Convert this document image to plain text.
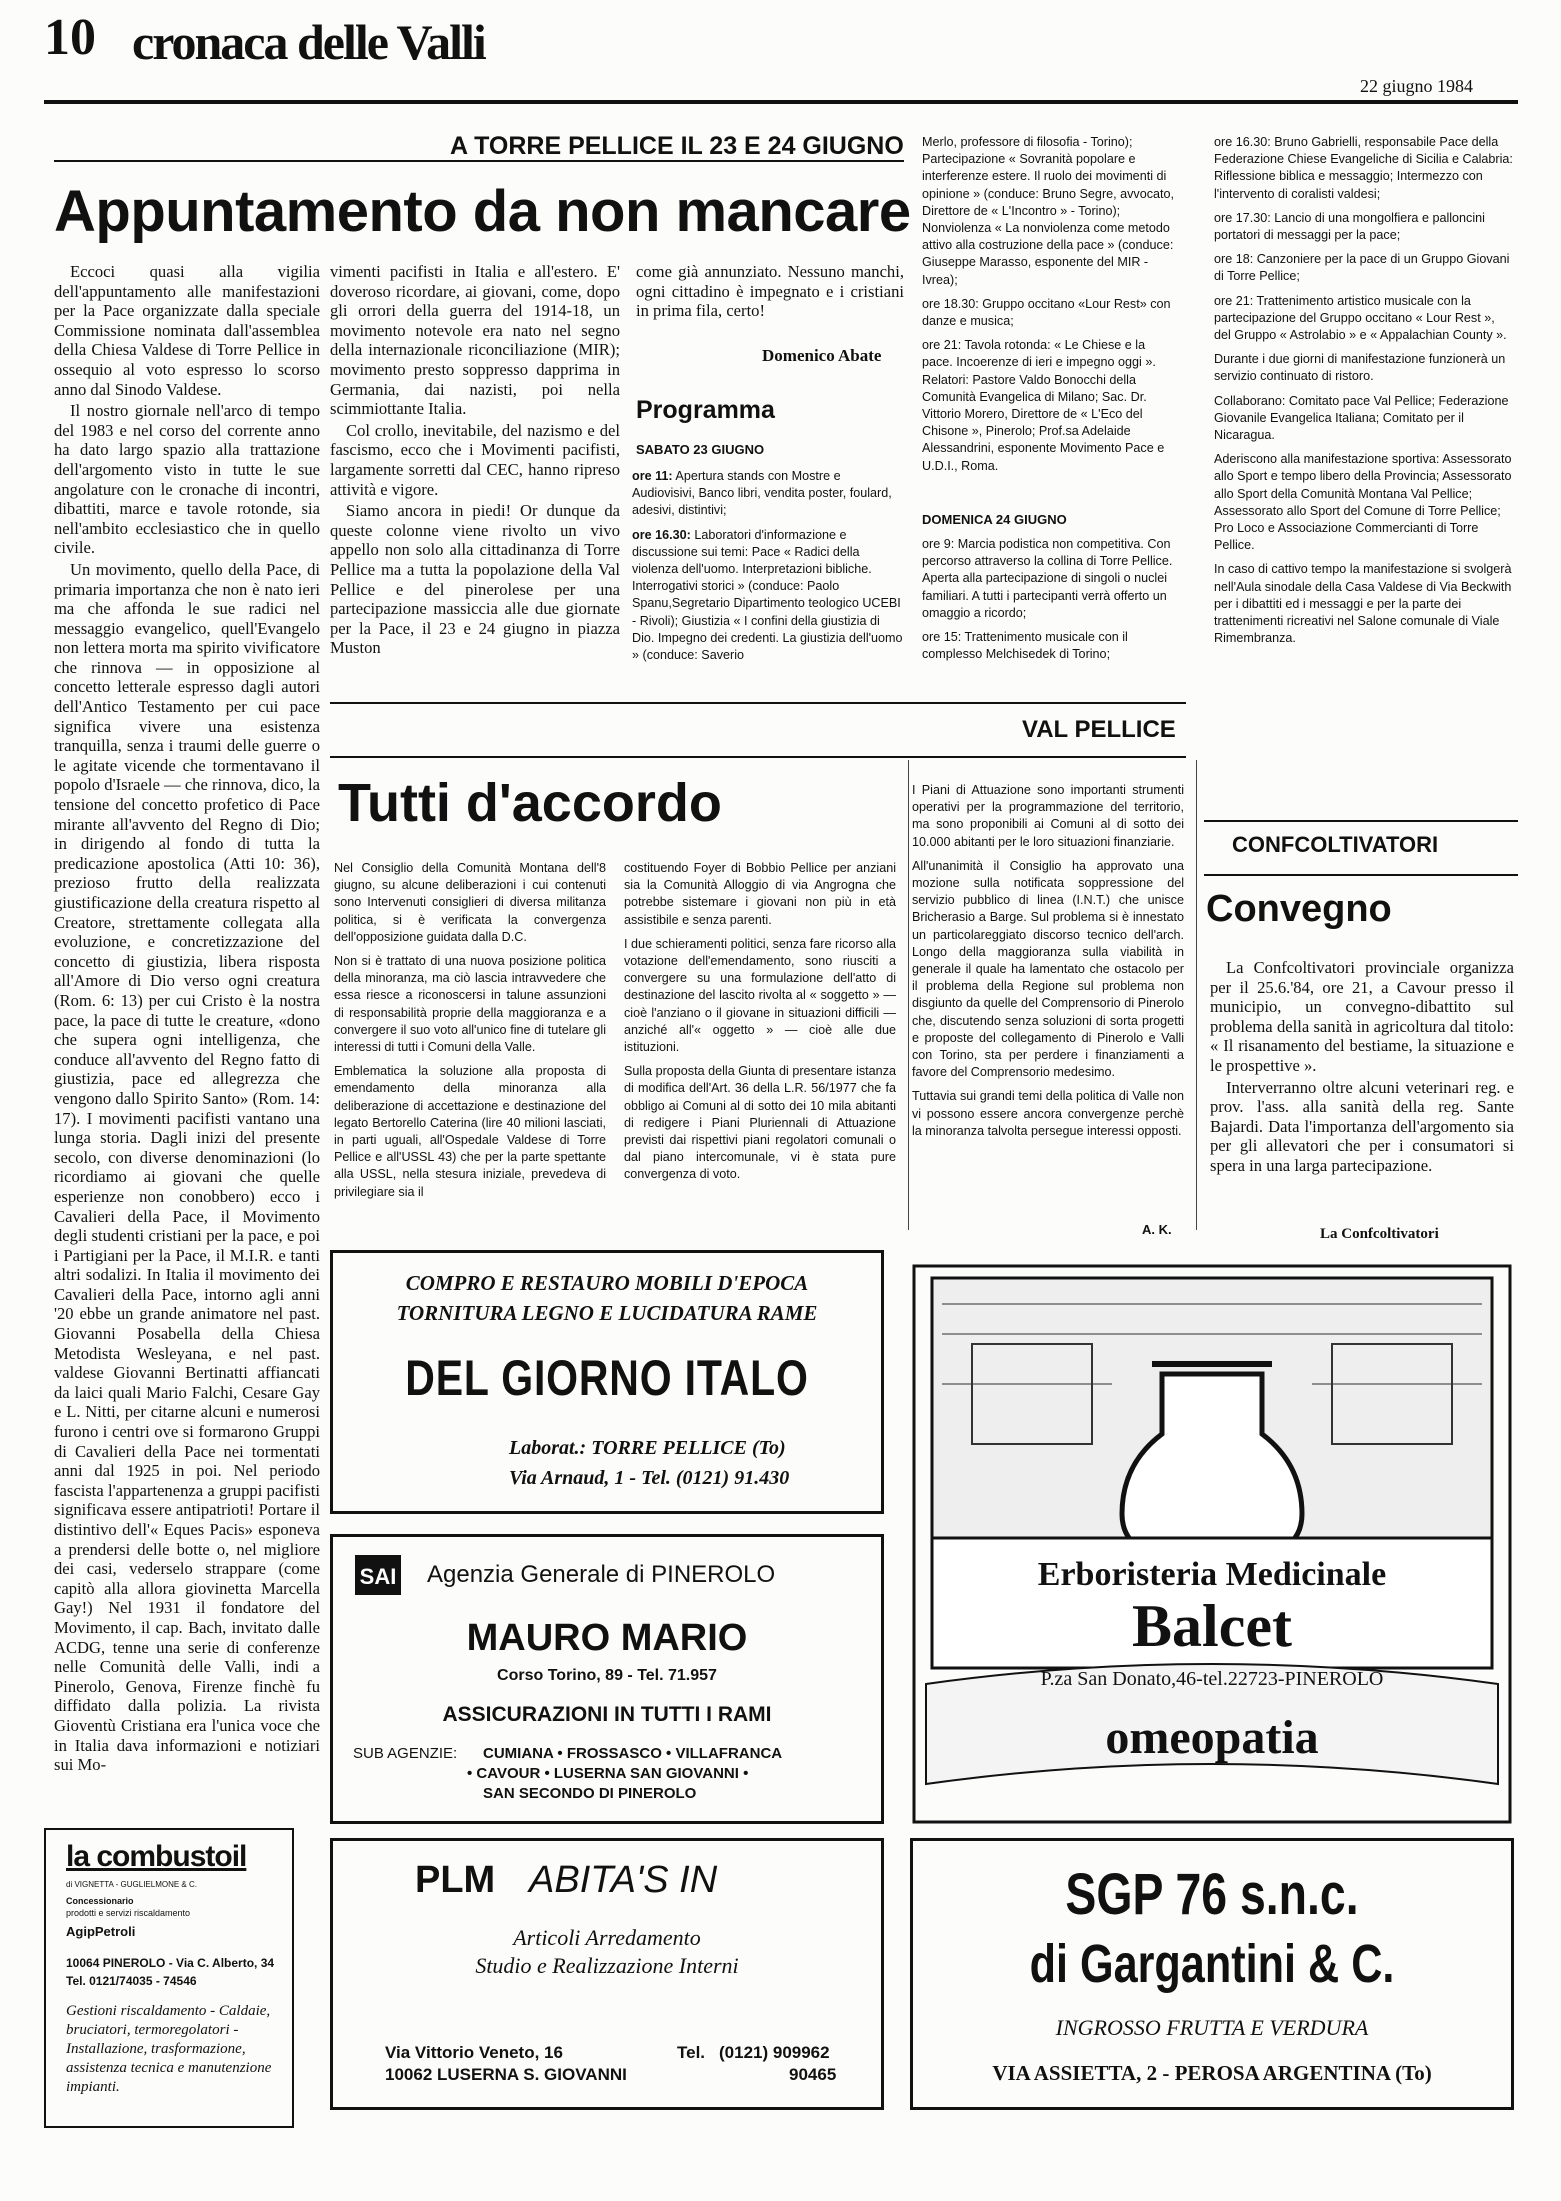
10 cronaca delle Valli
22 giugno 1984
A TORRE PELLICE IL 23 E 24 GIUGNO
Appuntamento da non mancare

Eccoci quasi alla vigilia dell'appuntamento alle manifestazioni per la Pace organizzate dalla speciale Commissione nominata dall'assemblea della Chiesa Valdese di Torre Pellice in ossequio al voto espresso lo scorso anno dal Sinodo Valdese.

Il nostro giornale nell'arco di tempo del 1983 e nel corso del corrente anno ha dato largo spazio alla trattazione dell'argomento visto in tutte le sue angolature con le cronache di incontri, dibattiti, marce e tavole rotonde, sia nell'ambito ecclesiastico che in quello civile.

Un movimento, quello della Pace, di primaria importanza che non è nato ieri ma che affonda le sue radici nel messaggio evangelico, quell'Evangelo non lettera morta ma spirito vivificatore che rinnova — in opposizione al concetto letterale espresso dagli autori dell'Antico Testamento per cui pace significa vivere una esistenza tranquilla, senza i traumi delle guerre o le agitate vicende che tormentavano il popolo d'Israele — che rinnova, dico, la tensione del concetto profetico di Pace mirante all'avvento del Regno di Dio; in dirigendo al fondo di tutta la predicazione apostolica (Atti 10: 36), prezioso frutto della realizzata giustificazione della creatura rispetto al Creatore, strettamente collegata alla evoluzione, e concretizzazione del concetto di giustizia, libera risposta all'Amore di Dio verso ogni creatura (Rom. 6: 13) per cui Cristo è la nostra pace, la pace di tutte le creature, «dono che supera ogni intelligenza, che conduce all'avvento del Regno fatto di giustizia, pace ed allegrezza che vengono dallo Spirito Santo» (Rom. 14: 17). I movimenti pacifisti vantano una lunga storia. Dagli inizi del presente secolo, con diverse denominazioni (lo ricordiamo ai giovani che quelle esperienze non conobbero) ecco i Cavalieri della Pace, il Movimento degli studenti cristiani per la pace, e poi i Partigiani per la Pace, il M.I.R. e tanti altri sodalizi. In Italia il movimento dei Cavalieri della Pace, intorno agli anni '20 ebbe un grande animatore nel past. Giovanni Posabella della Chiesa Metodista Wesleyana, e nel past. valdese Giovanni Bertinatti affiancati da laici quali Mario Falchi, Cesare Gay e L. Nitti, per citarne alcuni e numerosi furono i centri ove si formarono Gruppi di Cavalieri della Pace nei tormentati anni dal 1925 in poi. Nel periodo fascista l'appartenenza a gruppi pacifisti significava essere antipatrioti! Portare il distintivo dell'« Eques Pacis» esponeva a prendersi delle botte o, nel migliore dei casi, vederselo strappare (come capitò alla allora giovinetta Marcella Gay!) Nel 1931 il fondatore del Movimento, il cap. Bach, invitato dalle ACDG, tenne una serie di conferenze nelle Comunità delle Valli, indi a Pinerolo, Genova, Firenze finchè fu diffidato dalla polizia. La rivista Gioventù Cristiana era l'unica voce che in Italia dava informazioni e notiziari sui Mo-

vimenti pacifisti in Italia e all'estero. E' doveroso ricordare, ai giovani, come, dopo gli orrori della guerra del 1914-18, un movimento notevole era nato nel segno della internazionale riconciliazione (MIR); movimento presto soppresso dapprima in Germania, dai nazisti, poi nella scimmiottante Italia.

Col crollo, inevitabile, del nazismo e del fascismo, ecco che i Movimenti pacifisti, largamente sorretti dal CEC, hanno ripreso attività e vigore.

Siamo ancora in piedi! Or dunque da queste colonne viene rivolto un vivo appello non solo alla cittadinanza di Torre Pellice ma a tutta la popolazione della Val Pellice e del pinerolese per una partecipazione massiccia alle due giornate per la Pace, il 23 e 24 giugno in piazza Muston

come già annunziato. Nessuno manchi, ogni cittadino è impegnato e i cristiani in prima fila, certo!

Domenico Abate
Programma
SABATO 23 GIUGNO

ore 11: Apertura stands con Mostre e Audiovisivi, Banco libri, vendita poster, foulard, adesivi, distintivi;

ore 16.30: Laboratori d'informazione e discussione sui temi: Pace « Radici della violenza dell'uomo. Interpretazioni bibliche. Interrogativi storici » (conduce: Paolo Spanu,Segretario Dipartimento teologico UCEBI - Rivoli); Giustizia « I confini della giustizia di Dio. Impegno dei credenti. La giustizia dell'uomo » (conduce: Saverio

Merlo, professore di filosofia - Torino); Partecipazione « Sovranità popolare e interferenze estere. Il ruolo dei movimenti di opinione » (conduce: Bruno Segre, avvocato, Direttore de « L'Incontro » - Torino); Nonviolenza « La nonviolenza come metodo attivo alla costruzione della pace » (conduce: Giuseppe Marasso, esponente del MIR - Ivrea);

ore 18.30: Gruppo occitano «Lour Rest» con danze e musica;

ore 21: Tavola rotonda: « Le Chiese e la pace. Incoerenze di ieri e impegno oggi ». Relatori: Pastore Valdo Bonocchi della Comunità Evangelica di Milano; Sac. Dr. Vittorio Morero, Direttore de « L'Eco del Chisone », Pinerolo; Prof.sa Adelaide Alessandrini, esponente Movimento Pace e U.D.I., Roma.

DOMENICA 24 GIUGNO

ore 9: Marcia podistica non competitiva. Con percorso attraverso la collina di Torre Pellice. Aperta alla partecipazione di singoli o nuclei familiari. A tutti i partecipanti verrà offerto un omaggio a ricordo;

ore 15: Trattenimento musicale con il complesso Melchisedek di Torino;

ore 16.30: Bruno Gabrielli, responsabile Pace della Federazione Chiese Evangeliche di Sicilia e Calabria: Riflessione biblica e messaggio; Intermezzo con l'intervento di coralisti valdesi;

ore 17.30: Lancio di una mongolfiera e palloncini portatori di messaggi per la pace;

ore 18: Canzoniere per la pace di un Gruppo Giovani di Torre Pellice;

ore 21: Trattenimento artistico musicale con la partecipazione del Gruppo occitano « Lour Rest », del Gruppo « Astrolabio » e « Appalachian County ».

Durante i due giorni di manifestazione funzionerà un servizio continuato di ristoro.

Collaborano: Comitato pace Val Pellice; Federazione Giovanile Evangelica Italiana; Comitato per il Nicaragua.

Aderiscono alla manifestazione sportiva: Assessorato allo Sport e tempo libero della Provincia; Assessorato allo Sport della Comunità Montana Val Pellice; Assessorato allo Sport del Comune di Torre Pellice; Pro Loco e Associazione Commercianti di Torre Pellice.

In caso di cattivo tempo la manifestazione si svolgerà nell'Aula sinodale della Casa Valdese di Via Beckwith per i dibattiti ed i messaggi e per la parte dei trattenimenti ricreativi nel Salone comunale di Viale Rimembranza.

VAL PELLICE
Tutti d'accordo

Nel Consiglio della Comunità Montana dell'8 giugno, su alcune deliberazioni i cui contenuti sono Intervenuti consiglieri di diversa militanza politica, si è verificata la convergenza dell'opposizione guidata dalla D.C.

Non si è trattato di una nuova posizione politica della minoranza, ma ciò lascia intravvedere che essa riesce a riconoscersi in talune assunzioni di responsabilità proprie della maggioranza e a convergere il suo voto all'unico fine di tutelare gli interessi di tutti i Comuni della Valle.

Emblematica la soluzione alla proposta di emendamento della minoranza alla deliberazione di accettazione e destinazione del legato Bertorello Caterina (lire 40 milioni lasciati, in parti uguali, all'Ospedale Valdese di Torre Pellice e all'USSL 43) che per la parte spettante alla USSL, nella stesura iniziale, prevedeva di privilegiare sia il

costituendo Foyer di Bobbio Pellice per anziani sia la Comunità Alloggio di via Angrogna che potrebbe sistemare i giovani non più in età assistibile e senza parenti.

I due schieramenti politici, senza fare ricorso alla votazione dell'emendamento, sono riusciti a convergere su una formulazione dell'atto di destinazione del lascito rivolta al « soggetto » — cioè l'anziano o il giovane in situazioni difficili — anziché all'« oggetto » — cioè alle due istituzioni.

Sulla proposta della Giunta di presentare istanza di modifica dell'Art. 36 della L.R. 56/1977 che fa obbligo ai Comuni al di sotto dei 10 mila abitanti di redigere i Piani Pluriennali di Attuazione previsti dai rispettivi piani regolatori comunali o dal piano intercomunale, vi è stata pure convergenza di voto.

I Piani di Attuazione sono importanti strumenti operativi per la programmazione del territorio, ma sono proponibili ai Comuni al di sotto dei 10.000 abitanti per le loro situazioni finanziarie.

All'unanimità il Consiglio ha approvato una mozione sulla notificata soppressione del servizio pubblico di linea (I.N.T.) che unisce Bricherasio a Barge. Sul problema si è innestato un particolareggiato discorso tecnico dell'arch. Longo della maggioranza sulla viabilità in generale il quale ha lamentato che ostacolo per il problema della Regione sul problema non disgiunto da quelle del Comprensorio di Pinerolo che, discutendo senza soluzioni di sorta progetti e proposte del collegamento di Pinerolo e Valli con Torino, sta per perdere i finanziamenti a favore del Comprensorio medesimo.

Tuttavia sui grandi temi della politica di Valle non vi possono essere ancora convergenze perchè la minoranza talvolta persegue interessi opposti.

A. K.
CONFCOLTIVATORI
Convegno

La Confcoltivatori provinciale organizza per il 25.6.'84, ore 21, a Cavour presso il municipio, un convegno-dibattito sul problema della sanità in agricoltura dal titolo: « Il risanamento del bestiame, la situazione e le prospettive ».

Interverranno oltre alcuni veterinari reg. e prov. l'ass. alla sanità della reg. Sante Bajardi. Data l'importanza dell'argomento sia per gli allevatori che per i consumatori si spera in una larga partecipazione.

La Confcoltivatori
COMPRO E RESTAURO MOBILI D'EPOCA
TORNITURA LEGNO E LUCIDATURA RAME
DEL GIORNO ITALO
Laborat.: TORRE PELLICE (To)
Via Arnaud, 1 - Tel. (0121) 91.430
SAI Agenzia Generale di PINEROLO
MAURO MARIO
Corso Torino, 89 - Tel. 71.957
ASSICURAZIONI IN TUTTI I RAMI
SUB AGENZIE: CUMIANA • FROSSASCO • VILLAFRANCA
• CAVOUR • LUSERNA SAN GIOVANNI •
SAN SECONDO DI PINEROLO
Erboristeria Medicinale
Balcet
P.za San Donato,46-tel.22723-PINEROLO
omeopatia
la combustoil
di VIGNETTA - GUGLIELMONE & C.
Concessionario
prodotti e servizi riscaldamento
AgipPetroli
10064 PINEROLO - Via C. Alberto, 34
Tel. 0121/74035 - 74546
Gestioni riscaldamento - Caldaie, bruciatori, termoregolatori - Installazione, trasformazione, assistenza tecnica e manutenzione impianti.
PLM ABITA'S IN
Articoli Arredamento
Studio e Realizzazione Interni
Via Vittorio Veneto, 16
10062 LUSERNA S. GIOVANNI
Tel. (0121) 909962
90465
SGP 76 s.n.c.
di Gargantini & C.
INGROSSO FRUTTA E VERDURA
VIA ASSIETTA, 2 - PEROSA ARGENTINA (To)
